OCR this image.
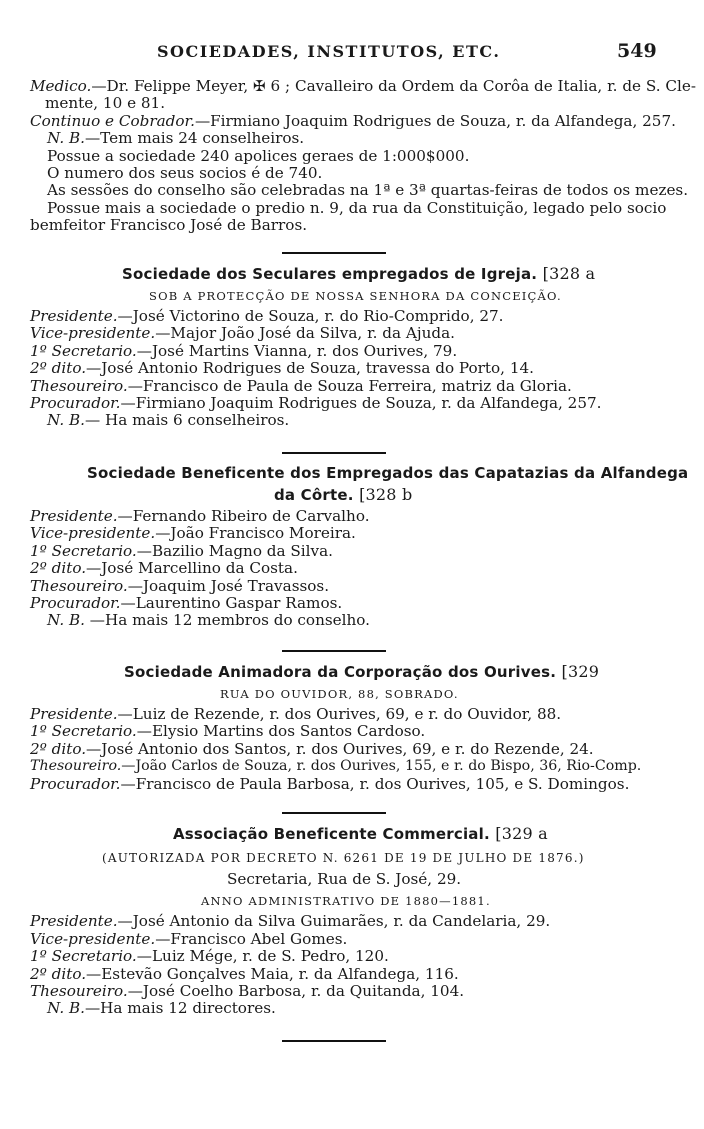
SOCIEDADES, INSTITUTOS, ETC.	549
Medico.—Dr. Felippe Meyer, ✠ 6 ; Cavalleiro da Ordem da Corôa de Italia, r. de S. Cle-
mente, 10 e 81.
Continuo e Cobrador.—Firmiano Joaquim Rodrigues de Souza, r. da Alfandega, 257.
N. B.—Tem mais 24 conselheiros.
Possue a sociedade 240 apolices geraes de 1:000$000.
O numero dos seus socios é de 740.
As sessões do conselho são celebradas na 1ª e 3ª quartas-feiras de todos os mezes.
Possue mais a sociedade o predio n. 9, da rua da Constituição, legado pelo socio
bemfeitor Francisco José de Barros.
Sociedade dos Seculares empregados de Igreja. [328 a
SOB A PROTECÇÃO DE NOSSA SENHORA DA CONCEIÇÃO.
Presidente.—José Victorino de Souza, r. do Rio-Comprido, 27.
Vice-presidente.—Major João José da Silva, r. da Ajuda.
1º Secretario.—José Martins Vianna, r. dos Ourives, 79.
2º dito.—José Antonio Rodrigues de Souza, travessa do Porto, 14.
Thesoureiro.—Francisco de Paula de Souza Ferreira, matriz da Gloria.
Procurador.—Firmiano Joaquim Rodrigues de Souza, r. da Alfandega, 257.
N. B.— Ha mais 6 conselheiros.
Sociedade Beneficente dos Empregados das Capatazias da Alfandega
da Côrte. [328 b
Presidente.—Fernando Ribeiro de Carvalho.
Vice-presidente.—João Francisco Moreira.
1º Secretario.—Bazilio Magno da Silva.
2º dito.—José Marcellino da Costa.
Thesoureiro.—Joaquim José Travassos.
Procurador.—Laurentino Gaspar Ramos.
N. B. —Ha mais 12 membros do conselho.
Sociedade Animadora da Corporação dos Ourives. [329
RUA DO OUVIDOR, 88, SOBRADO.
Presidente.—Luiz de Rezende, r. dos Ourives, 69, e r. do Ouvidor, 88.
1º Secretario.—Elysio Martins dos Santos Cardoso.
2º dito.—José Antonio dos Santos, r. dos Ourives, 69, e r. do Rezende, 24.
Thesoureiro.—João Carlos de Souza, r. dos Ourives, 155, e r. do Bispo, 36, Rio-Comp.
Procurador.—Francisco de Paula Barbosa, r. dos Ourives, 105, e S. Domingos.
Associação Beneficente Commercial. [329 a
(AUTORIZADA POR DECRETO N. 6261 DE 19 DE JULHO DE 1876.)
Secretaria, Rua de S. José, 29.
ANNO ADMINISTRATIVO DE 1880—1881.
Presidente.—José Antonio da Silva Guimarães, r. da Candelaria, 29.
Vice-presidente.—Francisco Abel Gomes.
1º Secretario.—Luiz Mége, r. de S. Pedro, 120.
2º dito.—Estevão Gonçalves Maia, r. da Alfandega, 116.
Thesoureiro.—José Coelho Barbosa, r. da Quitanda, 104.
N. B.—Ha mais 12 directores.
